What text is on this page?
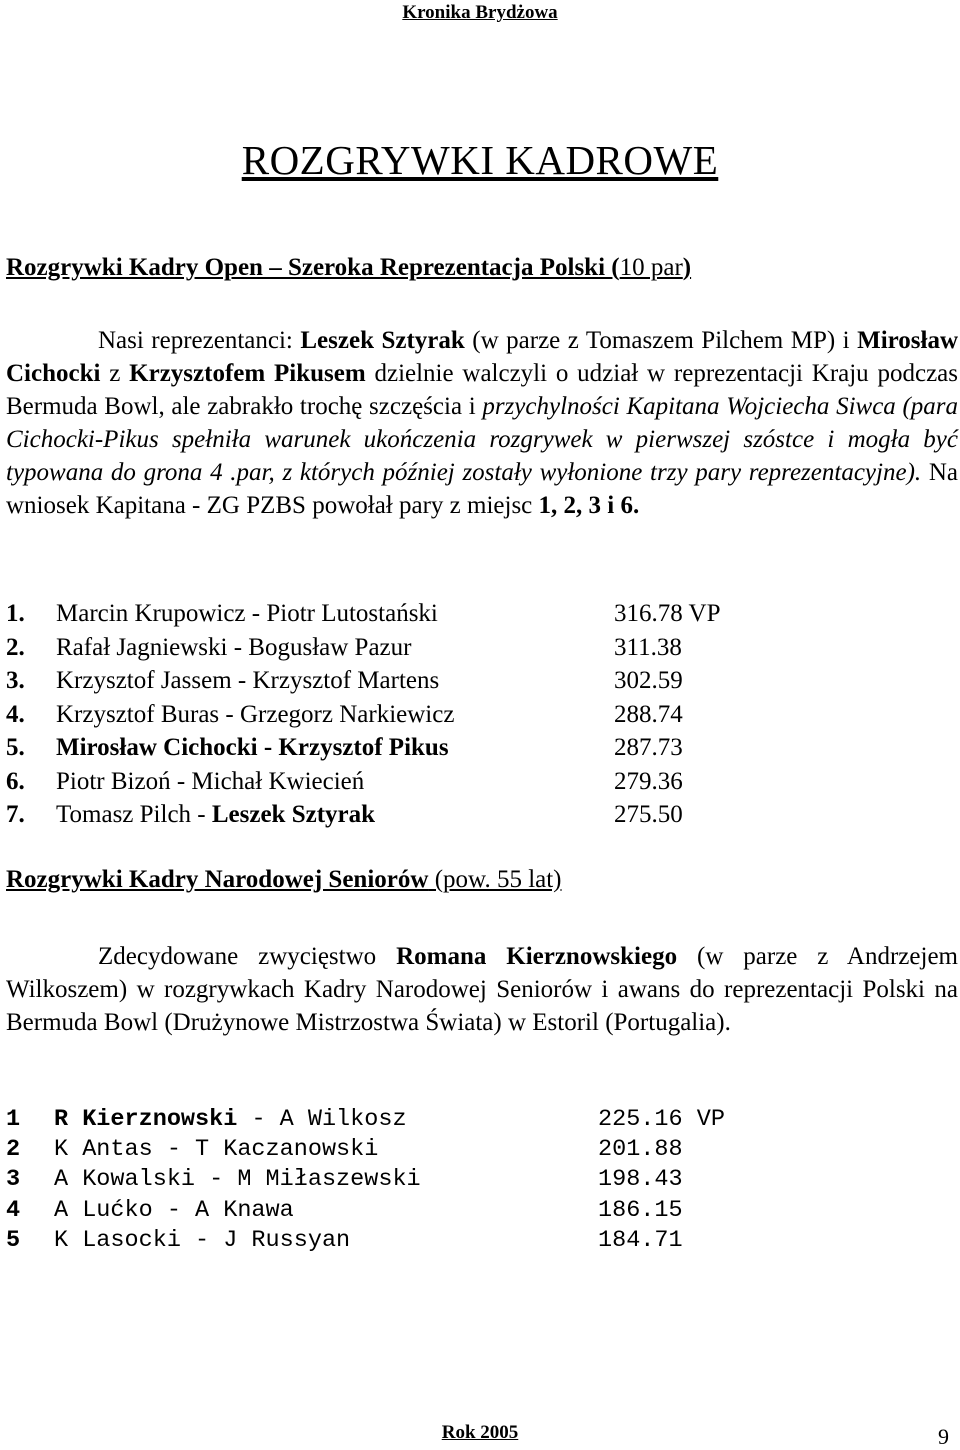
Kronika Brydżowa
ROZGRYWKI KADROWE
Rozgrywki Kadry Open – Szeroka Reprezentacja Polski (10 par)

Nasi reprezentanci: Leszek Sztyrak (w parze z Tomaszem Pilchem MP) i Mirosław Cichocki z Krzysztofem Pikusem dzielnie walczyli o udział w reprezentacji Kraju podczas Bermuda Bowl, ale zabrakło trochę szczęścia i przychylności Kapitana Wojciecha Siwca (para Cichocki-Pikus spełniła warunek ukończenia rozgrywek w pierwszej szóstce i mogła być typowana do grona 4 .par, z których później zostały wyłonione trzy pary reprezentacyjne). Na wniosek Kapitana - ZG PZBS powołał pary z miejsc 1, 2, 3 i 6.

1.	Marcin Krupowicz - Piotr Lutostański	316.78 VP
2.	Rafał Jagniewski - Bogusław Pazur	311.38
3.	Krzysztof Jassem - Krzysztof Martens	302.59
4.	Krzysztof Buras - Grzegorz Narkiewicz	288.74
5.	Mirosław Cichocki - Krzysztof Pikus	287.73
6.	Piotr Bizoń - Michał Kwiecień	279.36
7.	Tomasz Pilch - Leszek Sztyrak	275.50
Rozgrywki Kadry Narodowej Seniorów (pow. 55 lat)

Zdecydowane zwycięstwo Romana Kierznowskiego (w parze z Andrzejem Wilkoszem) w rozgrywkach Kadry Narodowej Seniorów i awans do reprezentacji Polski na Bermuda Bowl (Drużynowe Mistrzostwa Świata) w Estoril (Portugalia).

1	R Kierznowski - A Wilkosz	225.16 VP
2	K Antas - T Kaczanowski	201.88
3	A Kowalski - M Miłaszewski	198.43
4	A Lućko - A Knawa	186.15
5	K Lasocki - J Russyan	184.71
Rok 2005	9
